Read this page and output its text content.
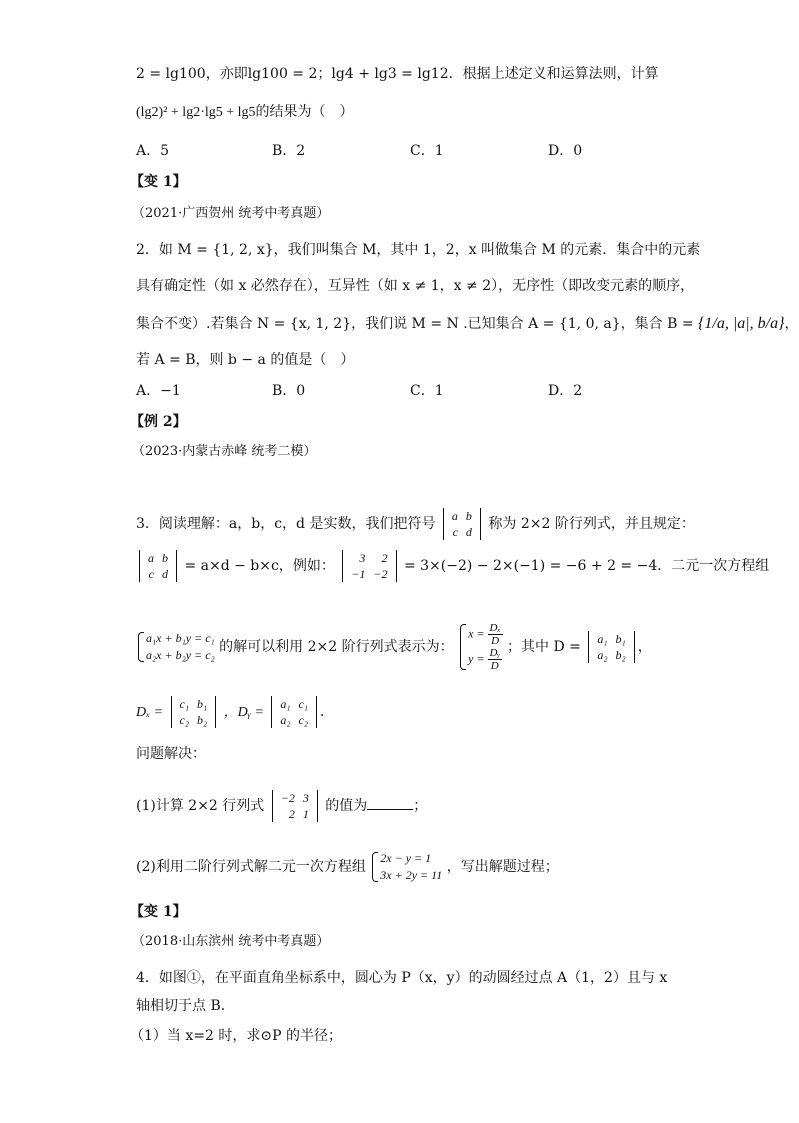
2 = lg100，亦即lg100 = 2；lg4 + lg3 = lg12．根据上述定义和运算法则，计算
(lg2)² + lg2·lg5 + lg5的结果为（　）
A．5	B．2	C．1	D．0
【变 1】
（2021·广西贺州 统考中考真题）
2．如 M = {1, 2, x}，我们叫集合 M，其中 1，2，x 叫做集合 M 的元素．集合中的元素
具有确定性（如 x 必然存在），互异性（如 x ≠ 1，x ≠ 2），无序性（即改变元素的顺序，
集合不变）.若集合 N = {x, 1, 2}，我们说 M = N .已知集合 A = {1, 0, a}，集合 B = {1/a, |a|, b/a}，
若 A = B，则 b − a 的值是（　）
A．−1	B．0	C．1	D．2
【例 2】
（2023·内蒙古赤峰 统考二模）
3．阅读理解：a，b，c，d 是实数，我们把符号 a	b
c	d 称为 2×2 阶行列式，并且规定：
a	b
c	d = a×d − b×c，例如： 3	2
−1	−2 = 3×(−2) − 2×(−1) = −6 + 2 = −4．二元一次方程组
a₁x + b₁y = c₁
a₂x + b₂y = c₂ 的解可以利用 2×2 阶行列式表示为： $x = \frac{\text{Dₓ}}{D}$

$y = \frac{\text{Dᵧ}}{D}$ ；其中 D = a₁	b₁
a₂	b₂ ，
Dₓ =
c₁	b₁
c₂	b₂ ，Dᵧ =
a₁	c₁
a₂	c₂ ．
问题解决：
(1)计算 2×2 行列式 −2	3
2	1 的值为	；
(2)利用二阶行列式解二元一次方程组 2x − y = 1
3x + 2y = 11 ，写出解题过程；
【变 1】
（2018·山东滨州 统考中考真题）
4．如图①，在平面直角坐标系中，圆心为 P（x，y）的动圆经过点 A（1，2）且与 x
轴相切于点 B．
（1）当 x=2 时，求⊙P 的半径；
